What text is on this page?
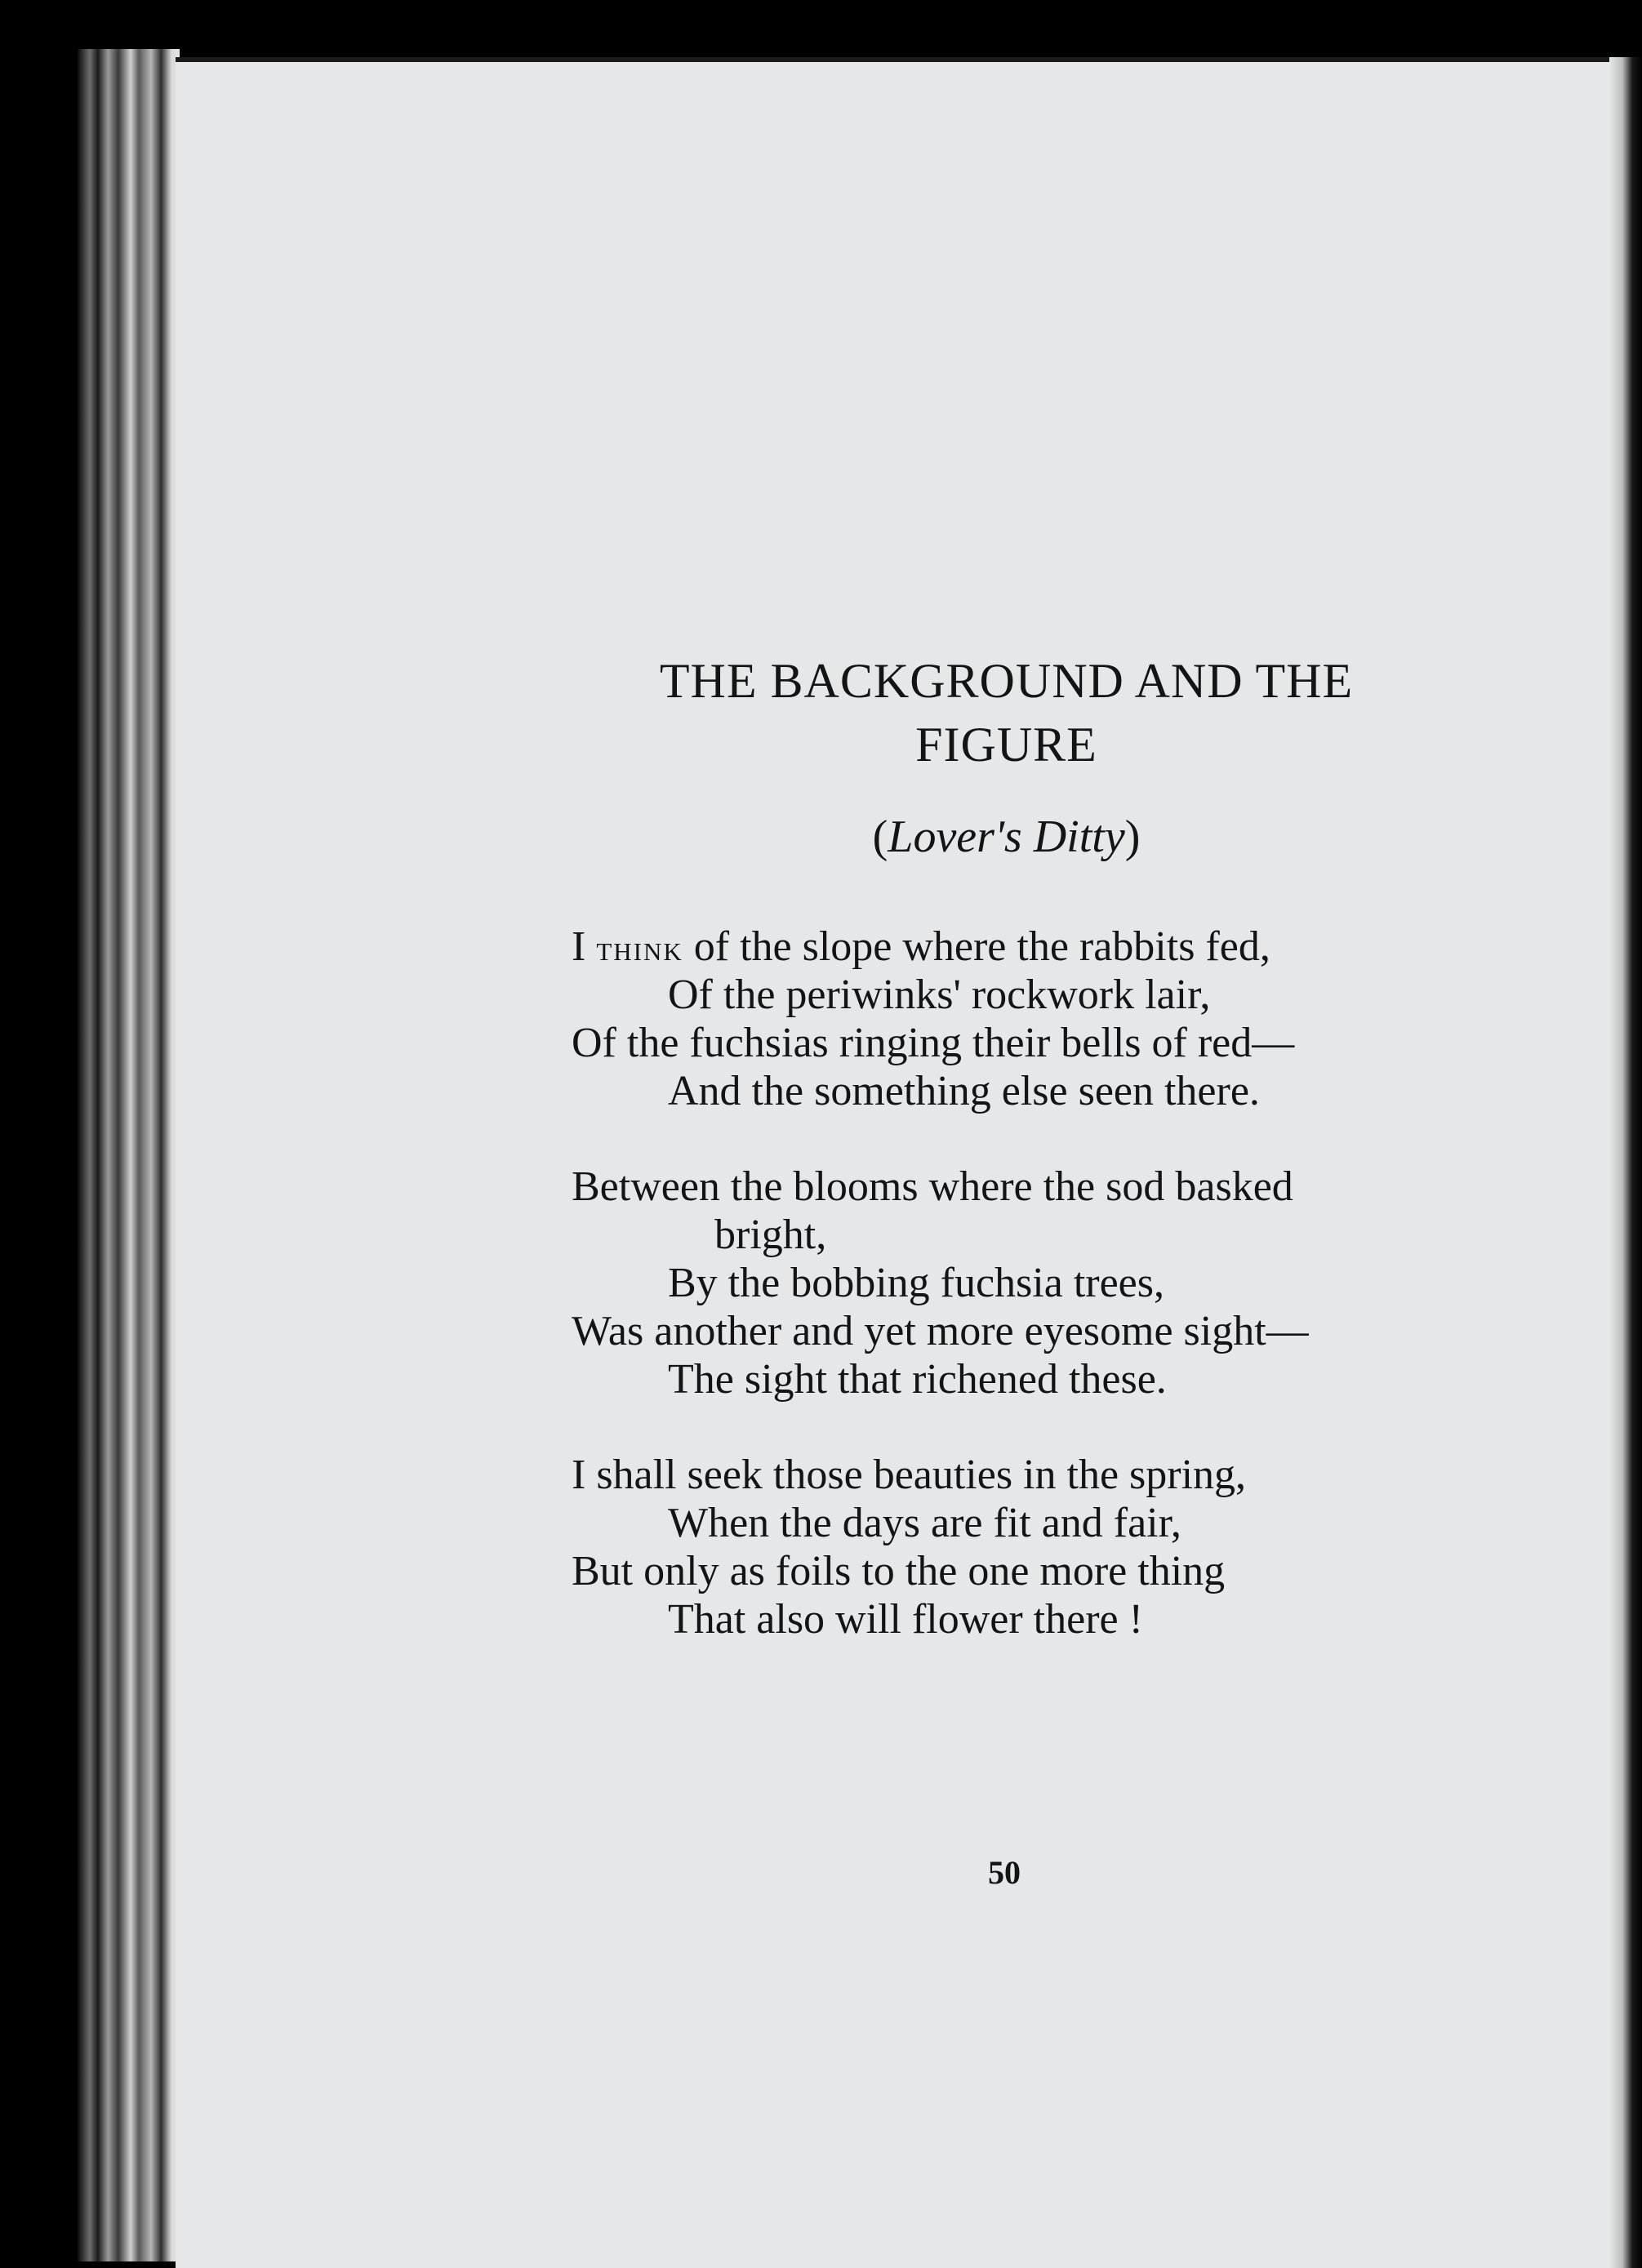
THE BACKGROUND AND THE
FIGURE
(Lover's Ditty)
I think of the slope where the rabbits fed,
Of the periwinks' rockwork lair,
Of the fuchsias ringing their bells of red—
And the something else seen there.
Between the blooms where the sod basked
bright,
By the bobbing fuchsia trees,
Was another and yet more eyesome sight—
The sight that richened these.
I shall seek those beauties in the spring,
When the days are fit and fair,
But only as foils to the one more thing
That also will flower there !
50
